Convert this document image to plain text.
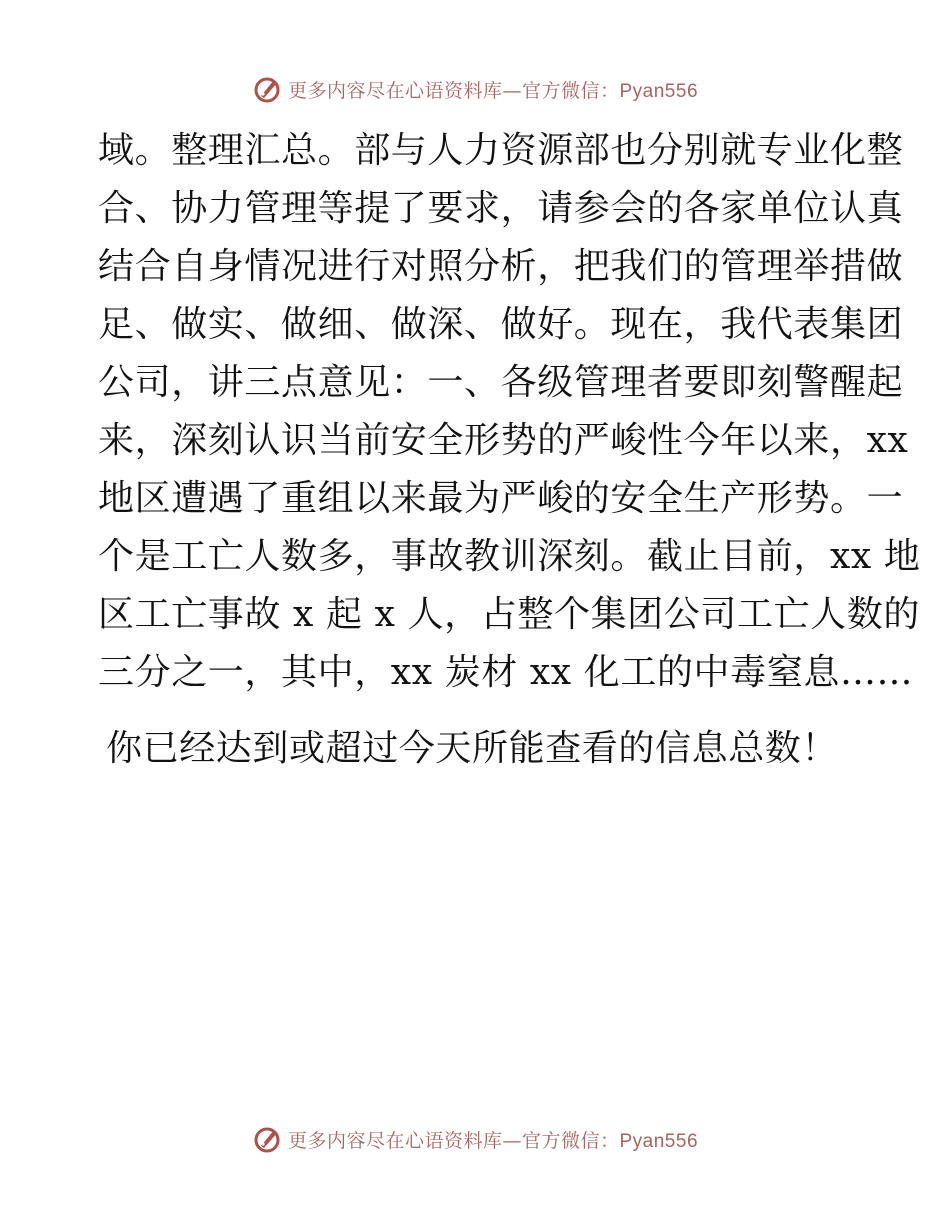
更多内容尽在心语资料库—官方微信：Pyan556
域。整理汇总。部与人力资源部也分别就专业化整
合、协力管理等提了要求，请参会的各家单位认真
结合自身情况进行对照分析，把我们的管理举措做
足、做实、做细、做深、做好。现在，我代表集团
公司，讲三点意见：一、各级管理者要即刻警醒起
来，深刻认识当前安全形势的严峻性今年以来，xx
地区遭遇了重组以来最为严峻的安全生产形势。一
个是工亡人数多，事故教训深刻。截止目前，xx 地
区工亡事故 x 起 x 人，占整个集团公司工亡人数的
三分之一，其中，xx 炭材 xx 化工的中毒窒息……
你已经达到或超过今天所能查看的信息总数！
更多内容尽在心语资料库—官方微信：Pyan556
